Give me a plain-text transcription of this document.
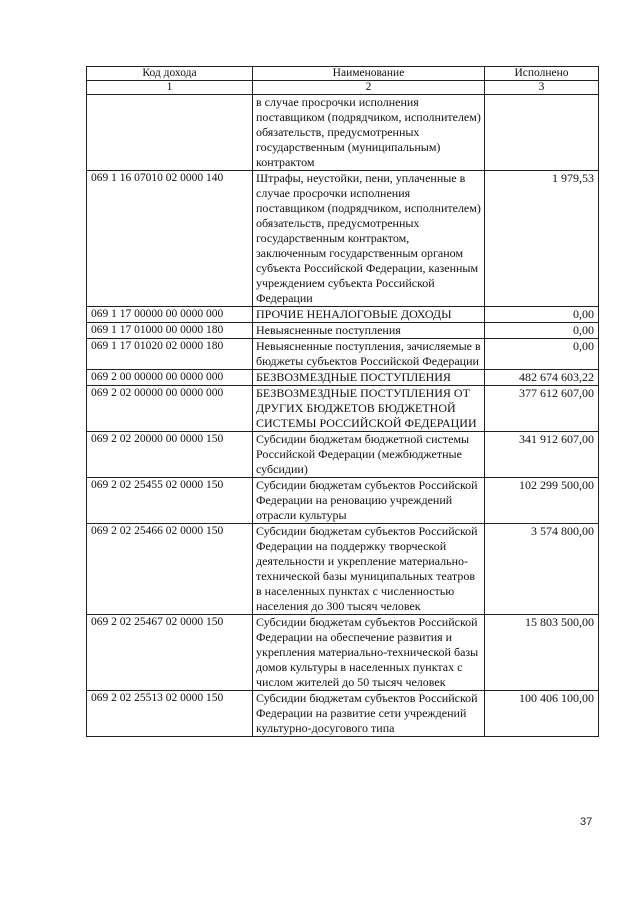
Код дохода	Наименование	Исполнено
1	2	3
	в случае просрочки исполнения поставщиком (подрядчиком, исполнителем) обязательств, предусмотренных государственным (муниципальным) контрактом	
069 1 16 07010 02 0000 140	Штрафы, неустойки, пени, уплаченные в случае просрочки исполнения поставщиком (подрядчиком, исполнителем) обязательств, предусмотренных государственным контрактом, заключенным государственным органом субъекта Российской Федерации, казенным учреждением субъекта Российской Федерации	1 979,53
069 1 17 00000 00 0000 000	ПРОЧИЕ НЕНАЛОГОВЫЕ ДОХОДЫ	0,00
069 1 17 01000 00 0000 180	Невыясненные поступления	0,00
069 1 17 01020 02 0000 180	Невыясненные поступления, зачисляемые в бюджеты субъектов Российской Федерации	0,00
069 2 00 00000 00 0000 000	БЕЗВОЗМЕЗДНЫЕ ПОСТУПЛЕНИЯ	482 674 603,22
069 2 02 00000 00 0000 000	БЕЗВОЗМЕЗДНЫЕ ПОСТУПЛЕНИЯ ОТ ДРУГИХ БЮДЖЕТОВ БЮДЖЕТНОЙ СИСТЕМЫ РОССИЙСКОЙ ФЕДЕРАЦИИ	377 612 607,00
069 2 02 20000 00 0000 150	Субсидии бюджетам бюджетной системы Российской Федерации (межбюджетные субсидии)	341 912 607,00
069 2 02 25455 02 0000 150	Субсидии бюджетам субъектов Российской Федерации на реновацию учреждений отрасли культуры	102 299 500,00
069 2 02 25466 02 0000 150	Субсидии бюджетам субъектов Российской Федерации на поддержку творческой деятельности и укрепление материально-технической базы муниципальных театров в населенных пунктах с численностью населения до 300 тысяч человек	3 574 800,00
069 2 02 25467 02 0000 150	Субсидии бюджетам субъектов Российской Федерации на обеспечение развития и укрепления материально-технической базы домов культуры в населенных пунктах с числом жителей до 50 тысяч человек	15 803 500,00
069 2 02 25513 02 0000 150	Субсидии бюджетам субъектов Российской Федерации на развитие сети учреждений культурно-досугового типа	100 406 100,00
37
